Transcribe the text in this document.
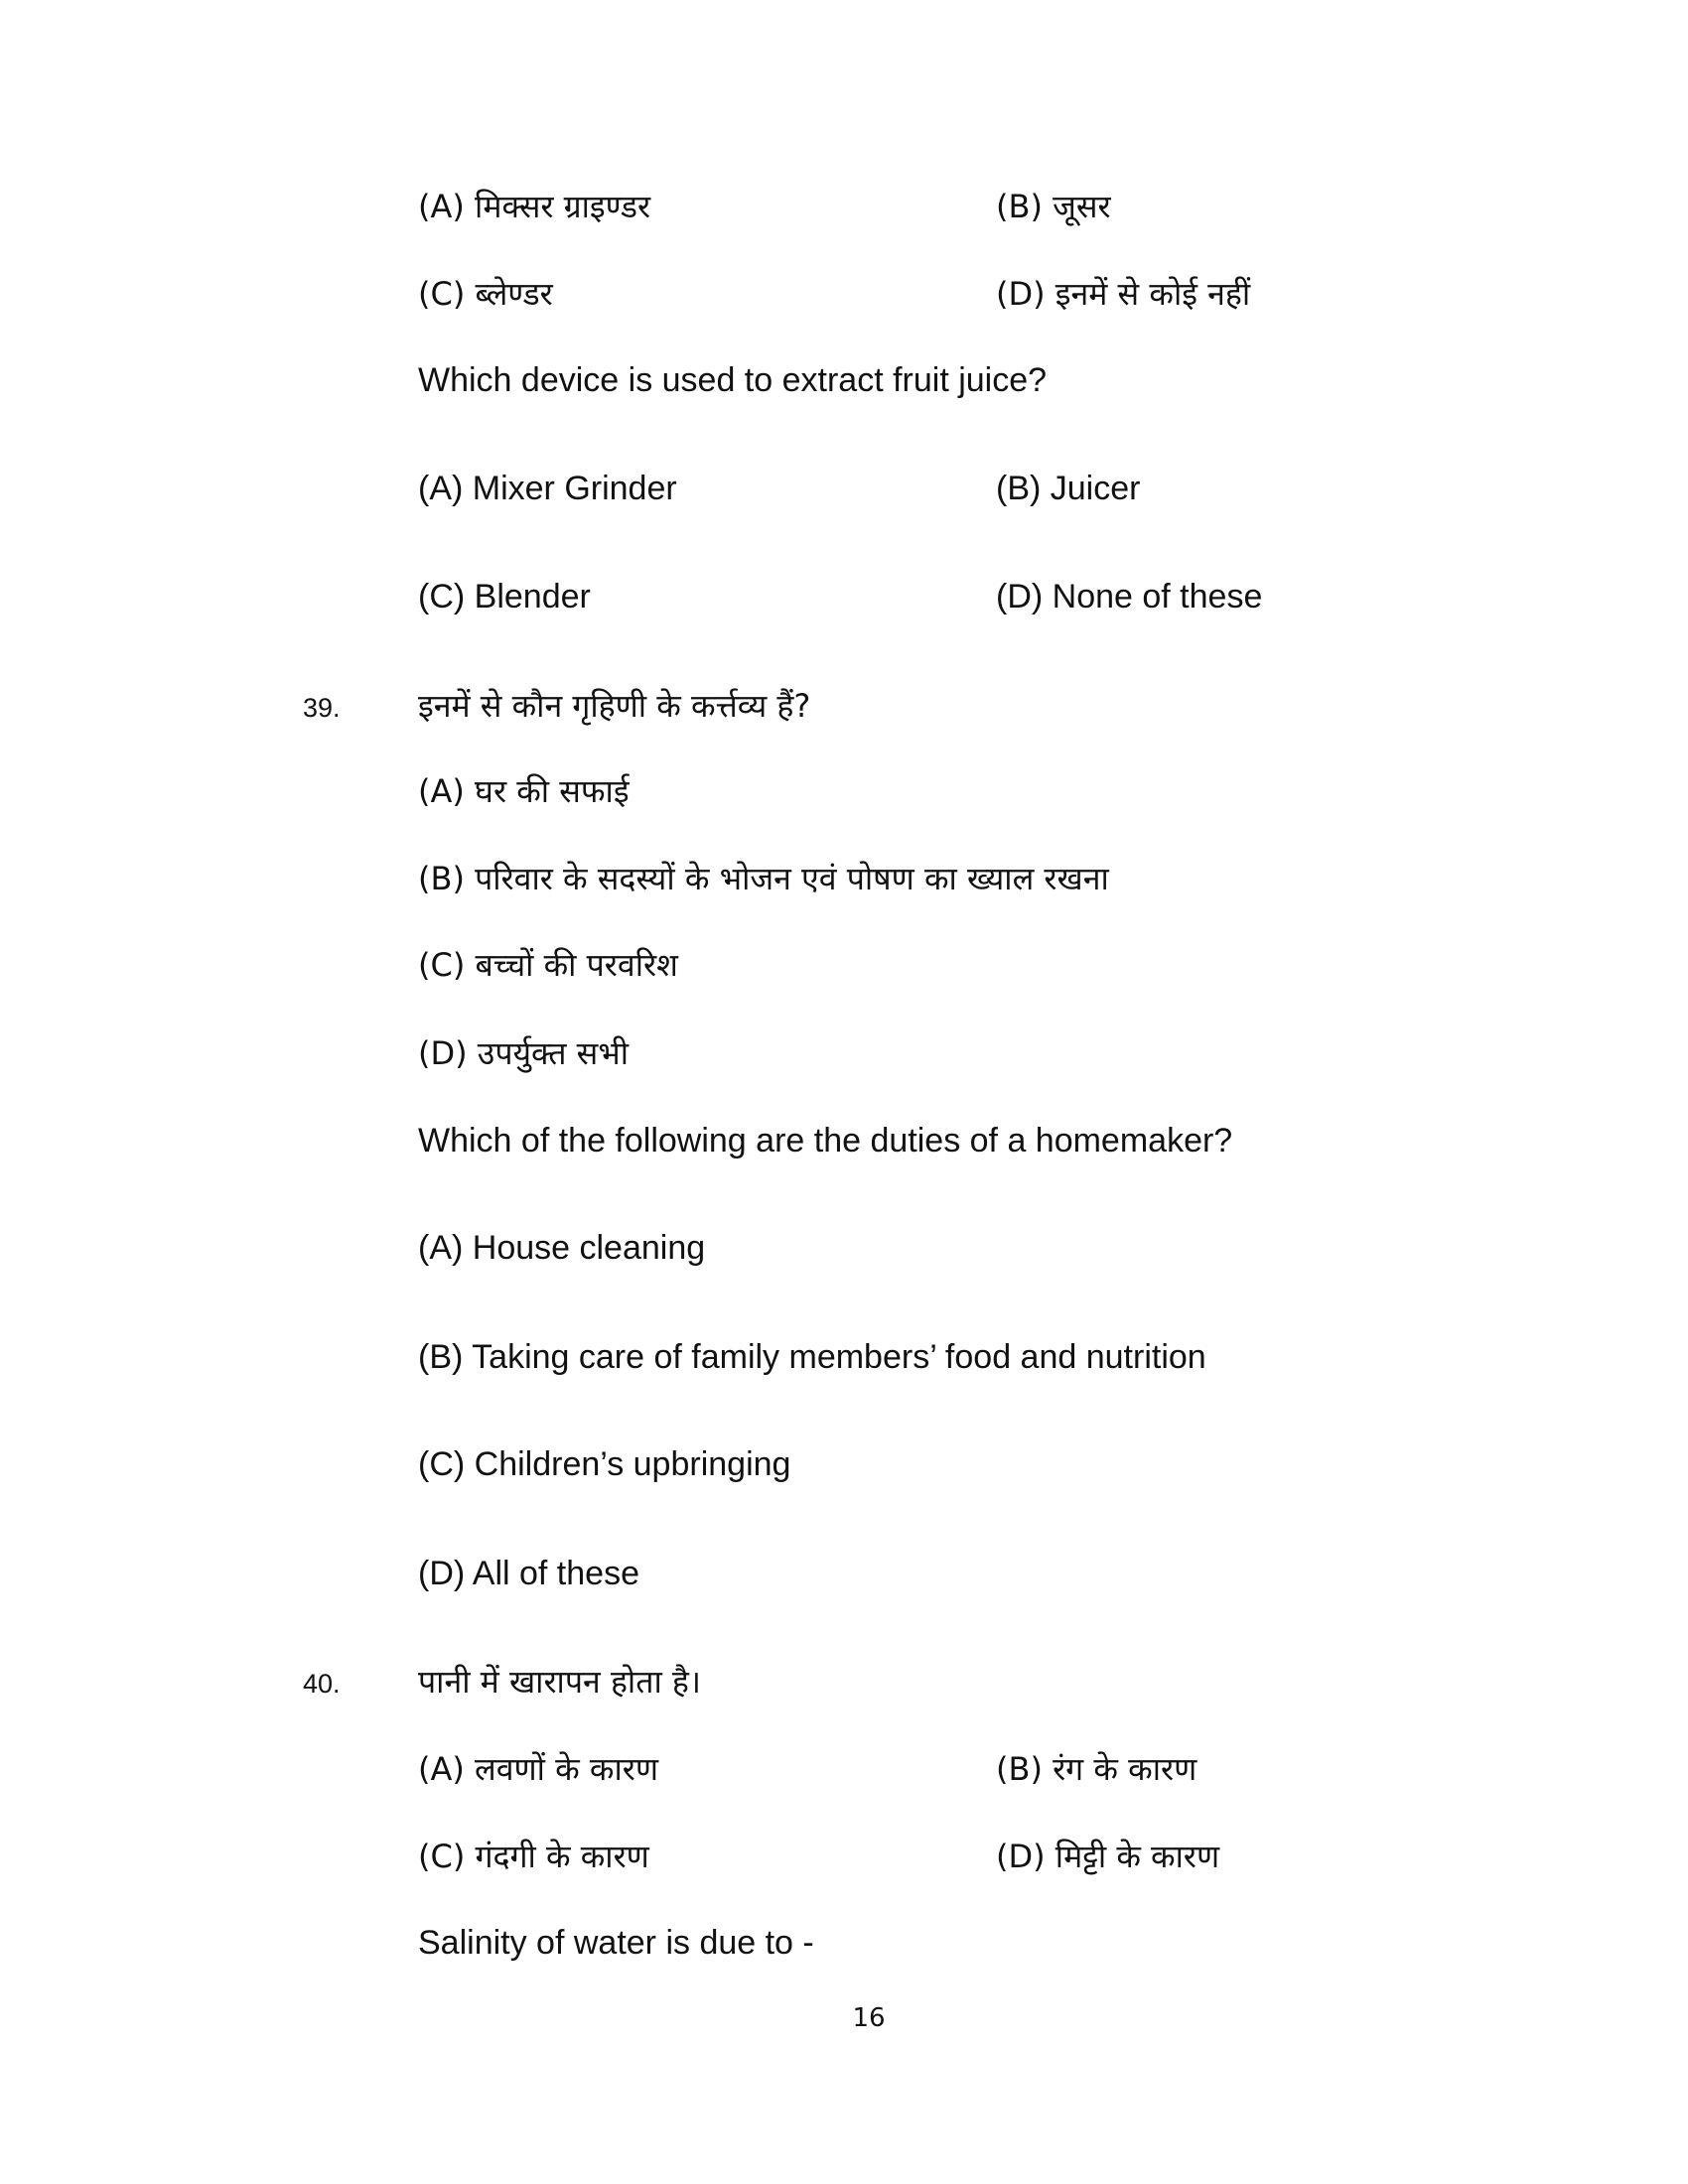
(A) मिक्सर ग्राइण्डर	(B) जूसर
(C) ब्लेण्डर	(D) इनमें से कोई नहीं
Which device is used to extract fruit juice?
(A) Mixer Grinder	(B) Juicer
(C) Blender	(D) None of these
39. इनमें से कौन गृहिणी के कर्त्तव्य हैं?
(A) घर की सफाई
(B) परिवार के सदस्यों के भोजन एवं पोषण का ख्याल रखना
(C) बच्चों की परवरिश
(D) उपर्युक्त सभी
Which of the following are the duties of a homemaker?
(A) House cleaning
(B) Taking care of family members’ food and nutrition
(C) Children’s upbringing
(D) All of these
40. पानी में खारापन होता है।
(A) लवणों के कारण	(B) रंग के कारण
(C) गंदगी के कारण	(D) मिट्टी के कारण
Salinity of water is due to -
16
